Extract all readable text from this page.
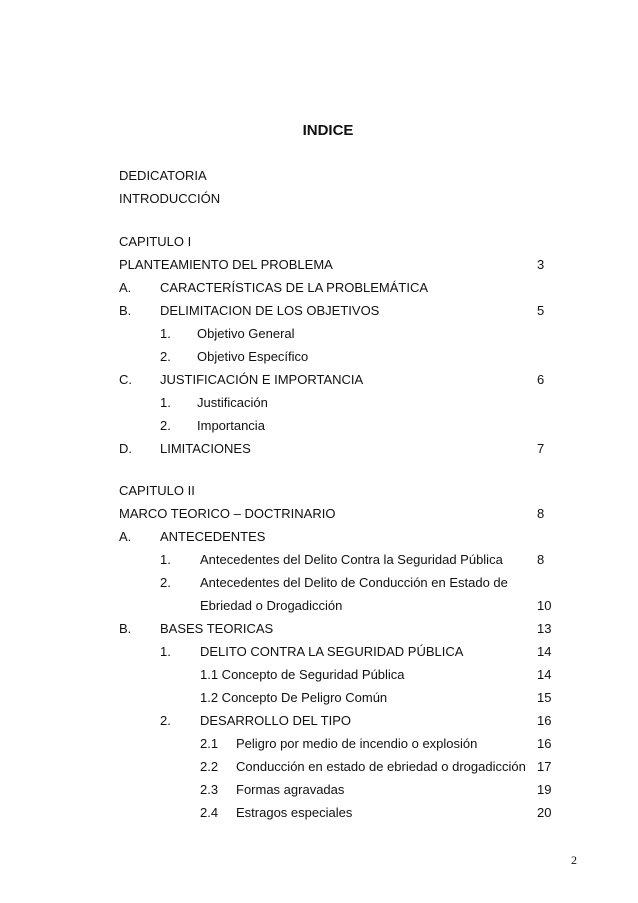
INDICE
DEDICATORIA
INTRODUCCIÓN
CAPITULO I
PLANTEAMIENTO DEL PROBLEMA	3
A. CARACTERÍSTICAS DE LA PROBLEMÁTICA
B. DELIMITACION DE LOS OBJETIVOS	5
1. Objetivo General
2. Objetivo Específico
C. JUSTIFICACIÓN E IMPORTANCIA	6
1. Justificación
2. Importancia
D. LIMITACIONES	7
CAPITULO II
MARCO TEORICO – DOCTRINARIO	8
A. ANTECEDENTES
1. Antecedentes del Delito Contra la Seguridad Pública	8
2. Antecedentes del Delito de Conducción en Estado de
Ebriedad o Drogadicción	10
B. BASES TEORICAS	13
1. DELITO CONTRA LA SEGURIDAD PÚBLICA	14
1.1 Concepto de Seguridad Pública	14
1.2 Concepto De Peligro Común	15
2. DESARROLLO DEL TIPO	16
2.1 Peligro por medio de incendio o explosión	16
2.2 Conducción en estado de ebriedad o drogadicción 17
2.3 Formas agravadas	19
2.4 Estragos especiales	20
2
